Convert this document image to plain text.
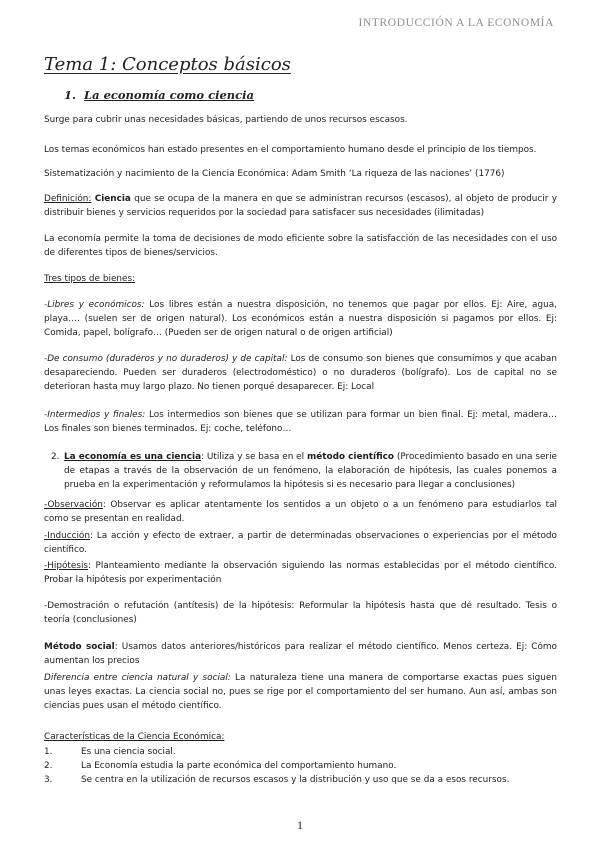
INTRODUCCIÓN A LA ECONOMÍA
Tema 1: Conceptos básicos
1. La economía como ciencia

Surge para cubrir unas necesidades básicas, partiendo de unos recursos escasos.

Los temas económicos han estado presentes en el comportamiento humano desde el principio de los tiempos.

Sistematización y nacimiento de la Ciencia Económica: Adam Smith ‘La riqueza de las naciones’ (1776)

Definición: Ciencia que se ocupa de la manera en que se administran recursos (escasos), al objeto de producir y distribuir bienes y servicios requeridos por la sociedad para satisfacer sus necesidades (ilimitadas)

La economía permite la toma de decisiones de modo eficiente sobre la satisfacción de las necesidades con el uso de diferentes tipos de bienes/servicios.

Tres tipos de bienes:

-Libres y económicos: Los libres están a nuestra disposición, no tenemos que pagar por ellos. Ej: Aire, agua, playa…. (suelen ser de origen natural). Los económicos están a nuestra disposición si pagamos por ellos. Ej: Comida, papel, bolígrafo… (Pueden ser de origen natural o de origen artificial)

-De consumo (duraderos y no duraderos) y de capital: Los de consumo son bienes que consumimos y que acaban desapareciendo. Pueden ser duraderos (electrodoméstico) o no duraderos (bolígrafo). Los de capital no se deterioran hasta muy largo plazo. No tienen porqué desaparecer. Ej: Local

-Intermedios y finales: Los intermedios son bienes que se utilizan para formar un bien final. Ej: metal, madera… Los finales son bienes terminados. Ej: coche, teléfono…

2. La economía es una ciencia: Utiliza y se basa en el método científico (Procedimiento basado en una serie de etapas a través de la observación de un fenómeno, la elaboración de hipótesis, las cuales ponemos a prueba en la experimentación y reformulamos la hipótesis si es necesario para llegar a conclusiones)

-Observación: Observar es aplicar atentamente los sentidos a un objeto o a un fenómeno para estudiarlos tal como se presentan en realidad.

-Inducción: La acción y efecto de extraer, a partir de determinadas observaciones o experiencias por el método científico.

-Hipótesis: Planteamiento mediante la observación siguiendo las normas establecidas por el método científico. Probar la hipótesis por experimentación

-Demostración o refutación (antítesis) de la hipótesis: Reformular la hipótesis hasta que dé resultado. Tesis o teoría (conclusiones)

Método social: Usamos datos anteriores/históricos para realizar el método científico. Menos certeza. Ej: Cómo aumentan los precios

Diferencia entre ciencia natural y social: La naturaleza tiene una manera de comportarse exactas pues siguen unas leyes exactas. La ciencia social no, pues se rige por el comportamiento del ser humano. Aun así, ambas son ciencias pues usan el método científico.

Características de la Ciencia Económica:

1.	Es una ciencia social.
2.	La Economía estudia la parte económica del comportamiento humano.
3.	Se centra en la utilización de recursos escasos y la distribución y uso que se da a esos recursos.
1
